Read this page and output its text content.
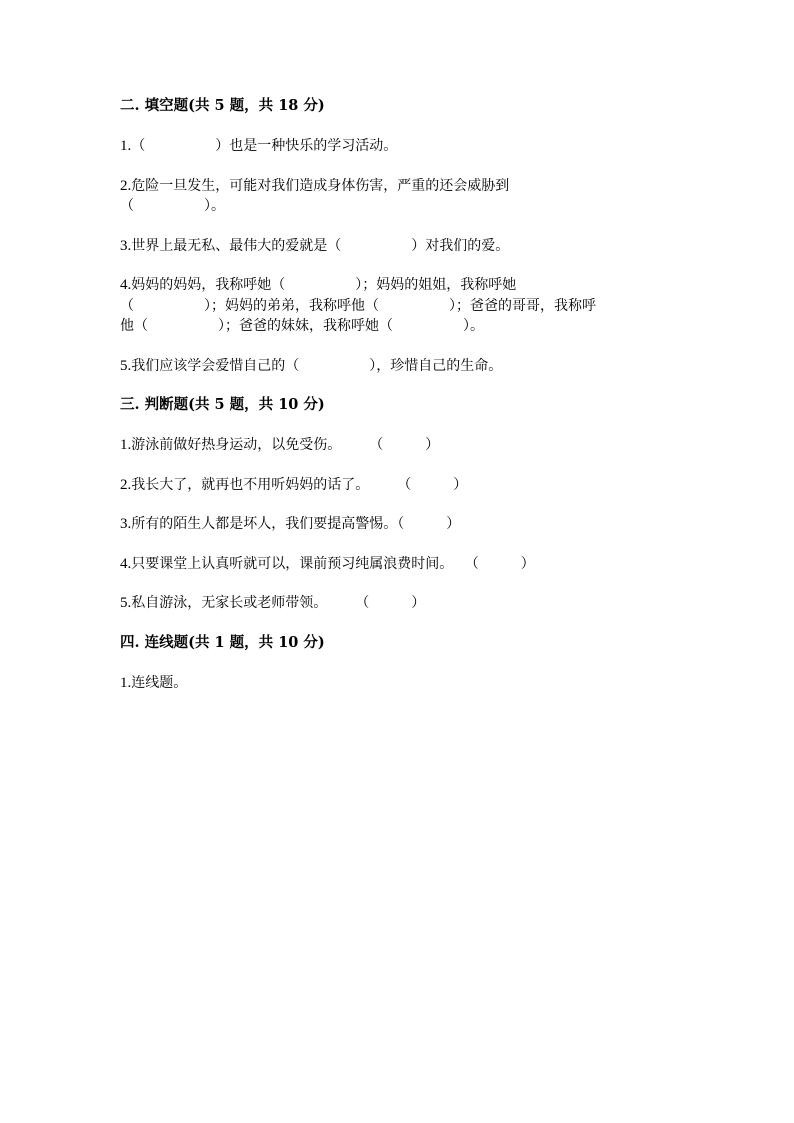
二. 填空题(共 5 题，共 18 分)
1.（　　　　　）也是一种快乐的学习活动。
2.危险一旦发生，可能对我们造成身体伤害，严重的还会威胁到
（　　　　　）。
3.世界上最无私、最伟大的爱就是（　　　　　）对我们的爱。
4.妈妈的妈妈，我称呼她（　　　　　）；妈妈的姐姐，我称呼她
（　　　　　）；妈妈的弟弟，我称呼他（　　　　　）；爸爸的哥哥，我称呼
他（　　　　　）；爸爸的妹妹，我称呼她（　　　　　）。
5.我们应该学会爱惜自己的（　　　　　），珍惜自己的生命。
三. 判断题(共 5 题，共 10 分)
1.游泳前做好热身运动，以免受伤。　　　（　　　）
2.我长大了，就再也不用听妈妈的话了。　　　（　　　）
3.所有的陌生人都是坏人，我们要提高警惕。（　　　）
4.只要课堂上认真听就可以，课前预习纯属浪费时间。　 （　　　）
5.私自游泳，无家长或老师带领。　　　（　　　）
四. 连线题(共 1 题，共 10 分)
1.连线题。
